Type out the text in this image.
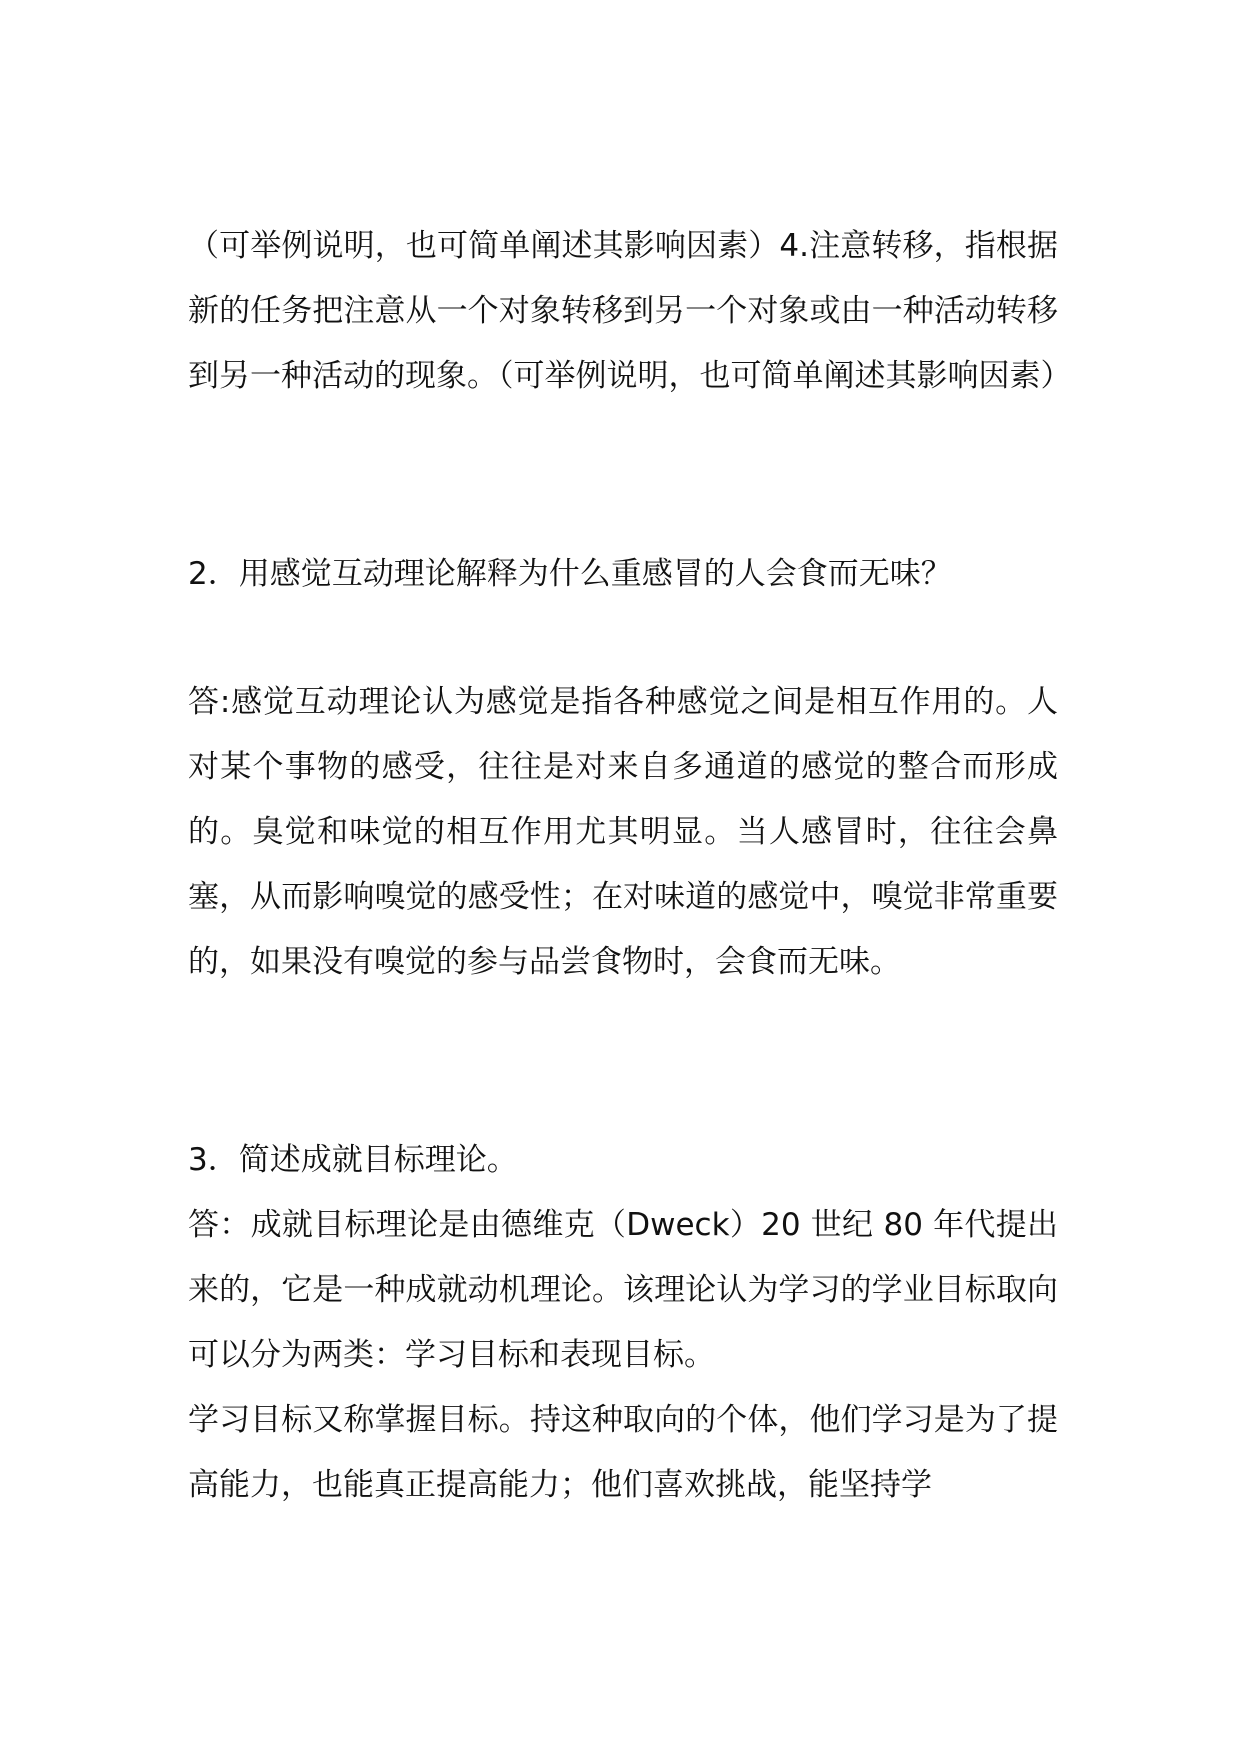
（可举例说明，也可简单阐述其影响因素）4.注意转移，指根据新的任务把注意从一个对象转移到另一个对象或由一种活动转移到另一种活动的现象。（可举例说明，也可简单阐述其影响因素）

2．用感觉互动理论解释为什么重感冒的人会食而无味？

答:感觉互动理论认为感觉是指各种感觉之间是相互作用的。人对某个事物的感受，往往是对来自多通道的感觉的整合而形成的。臭觉和味觉的相互作用尤其明显。当人感冒时，往往会鼻塞，从而影响嗅觉的感受性；在对味道的感觉中，嗅觉非常重要的，如果没有嗅觉的参与品尝食物时，会食而无味。

3．简述成就目标理论。

答：成就目标理论是由德维克（Dweck）20 世纪 80 年代提出来的，它是一种成就动机理论。该理论认为学习的学业目标取向可以分为两类：学习目标和表现目标。

学习目标又称掌握目标。持这种取向的个体，他们学习是为了提高能力，也能真正提高能力；他们喜欢挑战，能坚持学
